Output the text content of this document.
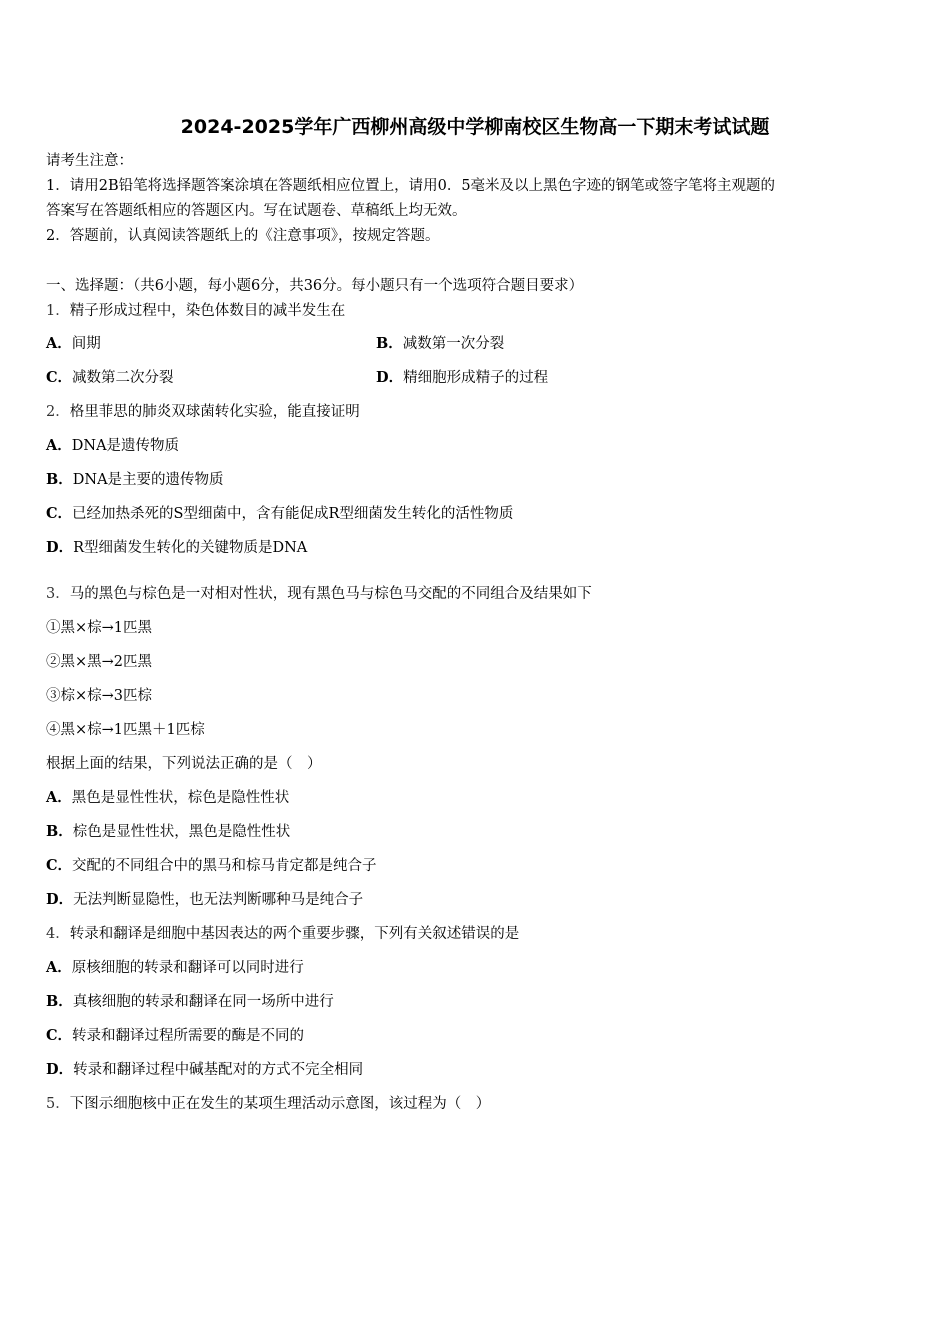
2024-2025学年广西柳州高级中学柳南校区生物高一下期末考试试题
请考生注意：
1．请用2B铅笔将选择题答案涂填在答题纸相应位置上，请用0．5毫米及以上黑色字迹的钢笔或签字笔将主观题的
答案写在答题纸相应的答题区内。写在试题卷、草稿纸上均无效。
2．答题前，认真阅读答题纸上的《注意事项》，按规定答题。
一、选择题：（共6小题，每小题6分，共36分。每小题只有一个选项符合题目要求）
1．精子形成过程中，染色体数目的减半发生在
A．间期	B．减数第一次分裂
C．减数第二次分裂	D．精细胞形成精子的过程
2．格里菲思的肺炎双球菌转化实验，能直接证明
A．DNA是遗传物质
B．DNA是主要的遗传物质
C．已经加热杀死的S型细菌中，含有能促成R型细菌发生转化的活性物质
D．R型细菌发生转化的关键物质是DNA
3．马的黑色与棕色是一对相对性状，现有黑色马与棕色马交配的不同组合及结果如下
①黑×棕→1匹黑
②黑×黑→2匹黑
③棕×棕→3匹棕
④黑×棕→1匹黑＋1匹棕
根据上面的结果，下列说法正确的是（　）
A．黑色是显性性状，棕色是隐性性状
B．棕色是显性性状，黑色是隐性性状
C．交配的不同组合中的黑马和棕马肯定都是纯合子
D．无法判断显隐性，也无法判断哪种马是纯合子
4．转录和翻译是细胞中基因表达的两个重要步骤，下列有关叙述错误的是
A．原核细胞的转录和翻译可以同时进行
B．真核细胞的转录和翻译在同一场所中进行
C．转录和翻译过程所需要的酶是不同的
D．转录和翻译过程中碱基配对的方式不完全相同
5．下图示细胞核中正在发生的某项生理活动示意图，该过程为（　）
